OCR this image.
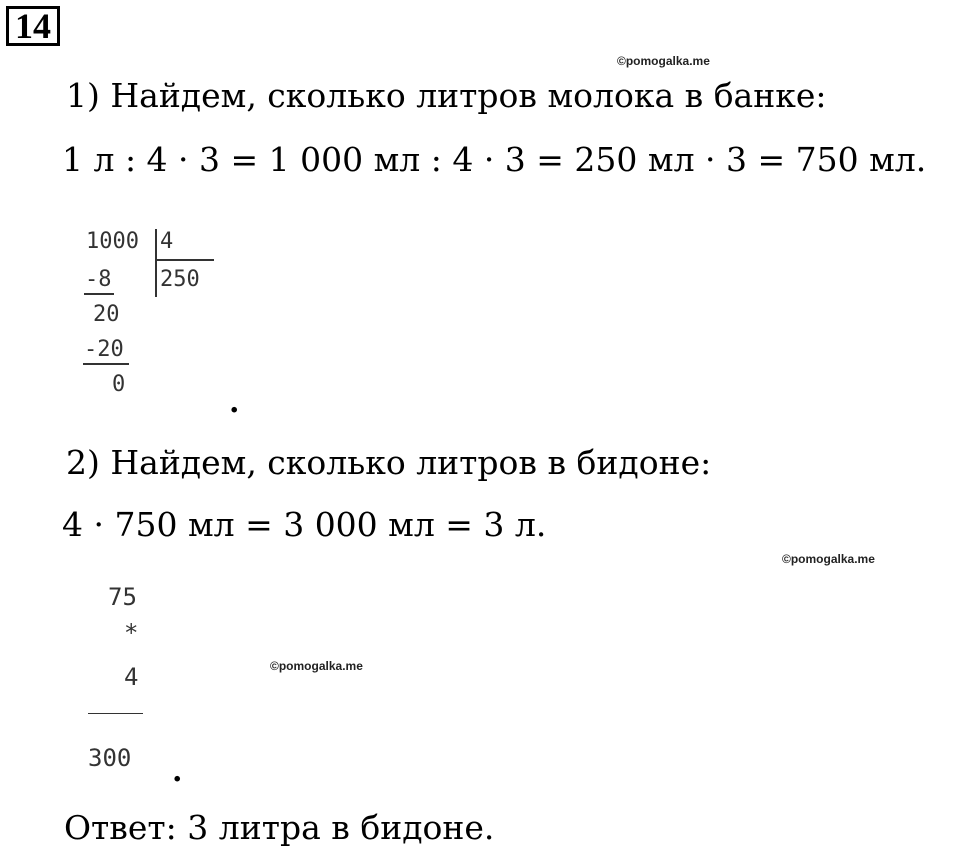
14
©pomogalka.me
1) Найдем, сколько литров молока в банке:
1 л : 4 · 3 = 1 000 мл : 4 · 3 = 250 мл · 3 = 750 мл.
1000 4
250
-8
20
-20
0
.
2) Найдем, сколько литров в бидоне:
4 · 750 мл = 3 000 мл = 3 л.
©pomogalka.me
75
*
4
300 .
©pomogalka.me
Ответ: 3 литра в бидоне.
